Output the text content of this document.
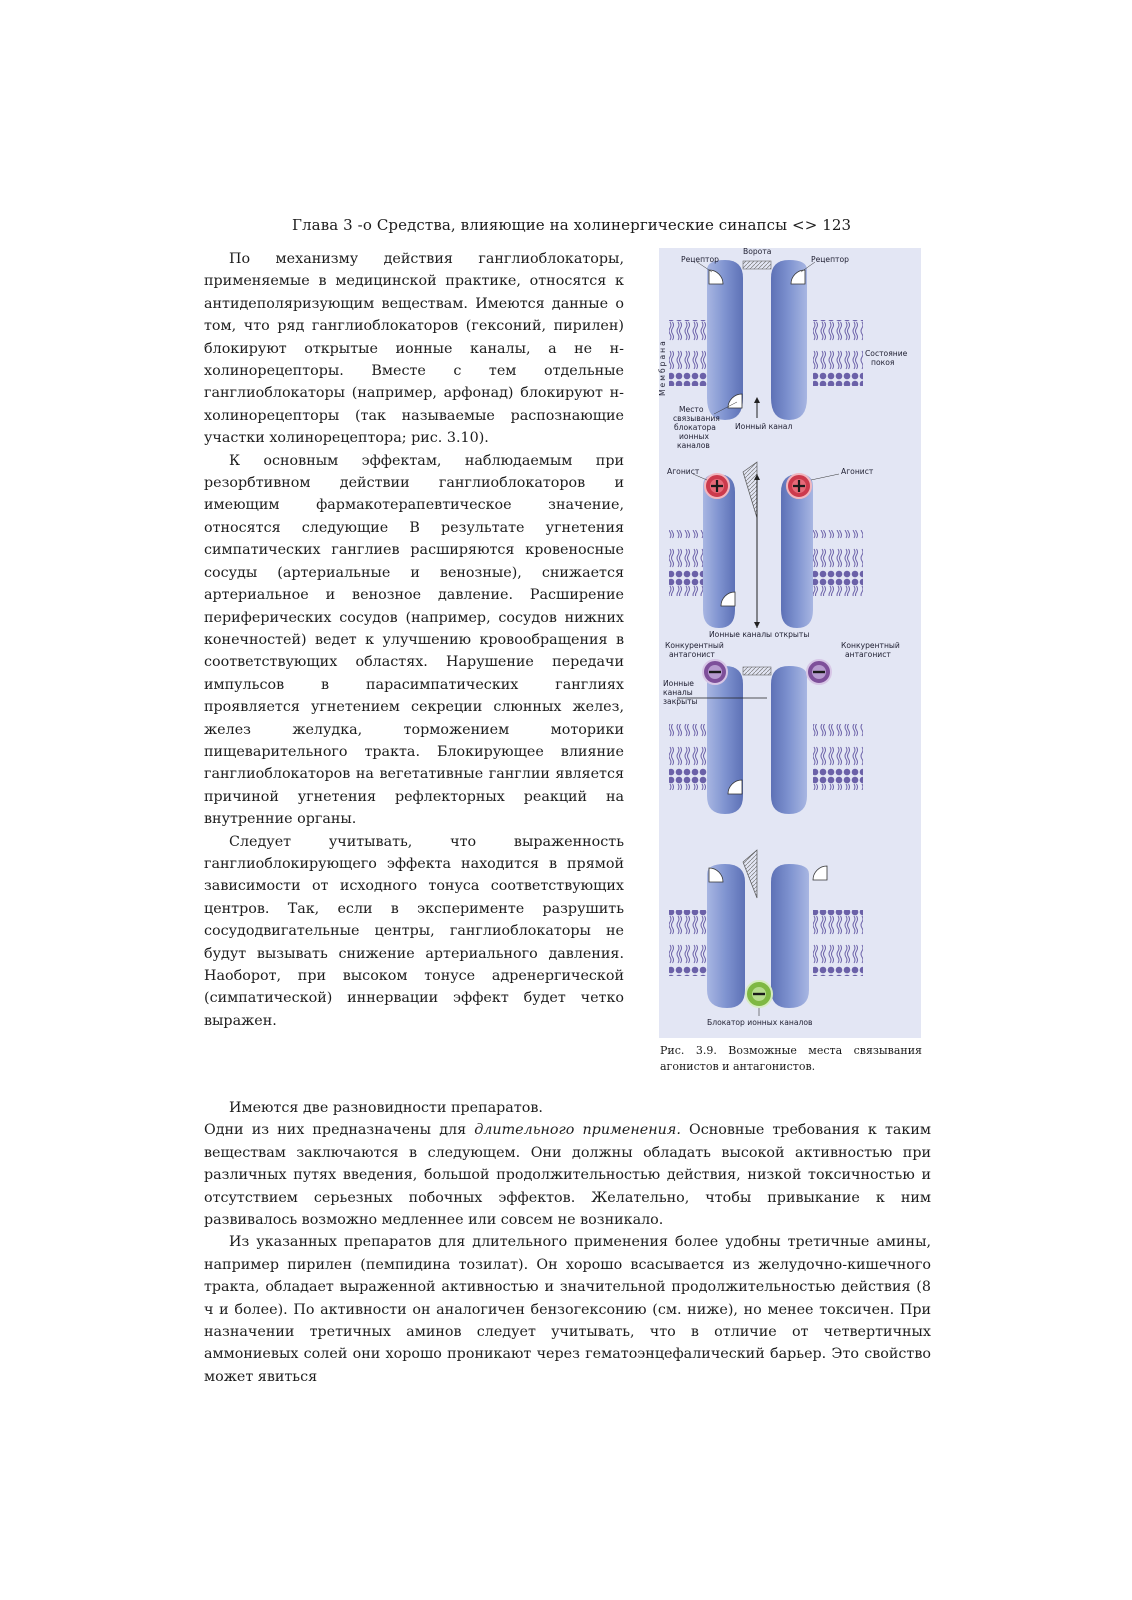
Глава 3 -о Средства, влияющие на холинергические синапсы <> 123

По механизму действия ганглиоблокаторы, применяемые в медицинской практике, относятся к антидеполяризующим веществам. Имеются данные о том, что ряд ганглиоблокаторов (гексоний, пирилен) блокируют открытые ионные каналы, а не н-холинорецепторы. Вместе с тем отдельные ганглиоблокаторы (например, арфонад) блокируют н-холинорецепторы (так называемые распознающие участки холинорецептора; рис. 3.10).

К основным эффектам, наблюдаемым при резорбтивном действии ганглиоблокаторов и имеющим фармакотерапевтическое значение, относятся следующие В результате угнетения симпатических ганглиев расширяются кровеносные сосуды (артериальные и венозные), снижается артериальное и венозное давление. Расширение периферических сосудов (например, сосудов нижних конечностей) ведет к улучшению кровообращения в соответствующих областях. Нарушение передачи импульсов в парасимпатических ганглиях проявляется угнетением секреции слюнных желез, желез желудка, торможением моторики пищеварительного тракта. Блокирующее влияние ганглиоблокаторов на вегетативные ганглии является причиной угнетения рефлекторных реакций на внутренние органы.

Следует учитывать, что выраженность ганглиоблокирующего эффекта находится в прямой зависимости от исходного тонуса соответствующих центров. Так, если в эксперименте разрушить сосудодвигательные центры, ганглиоблокаторы не будут вызывать снижение артериального давления. Наоборот, при высоком тонусе адренергической (симпатической) иннервации эффект будет четко выражен.

Ворота
Рецептор	Рецептор
Мембрана	Состояние
покоя
Место
связывания
блокатора
ионных
каналов
Ионный канал
Агонист	Агонист
Ионные каналы открыты
Конкурентный
антагонист
Конкурентный
антагонист
Ионные
каналы
закрыты
Блокатор ионных каналов
Рис. 3.9. Возможные места связывания агонистов и антагонистов.

Имеются две разновидности препаратов.

Одни из них предназначены для длительного применения. Основные требования к таким веществам заключаются в следующем. Они должны обладать высокой активностью при различных путях введения, большой продолжительностью действия, низкой токсичностью и отсутствием серьезных побочных эффектов. Желательно, чтобы привыкание к ним развивалось возможно медленнее или совсем не возникало.

Из указанных препаратов для длительного применения более удобны третичные амины, например пирилен (пемпидина тозилат). Он хорошо всасывается из желудочно-кишечного тракта, обладает выраженной активностью и значительной продолжительностью действия (8 ч и более). По активности он аналогичен бензогексонию (см. ниже), но менее токсичен. При назначении третичных аминов следует учитывать, что в отличие от четвертичных аммониевых солей они хорошо проникают через гематоэнцефалический барьер. Это свойство может явиться
